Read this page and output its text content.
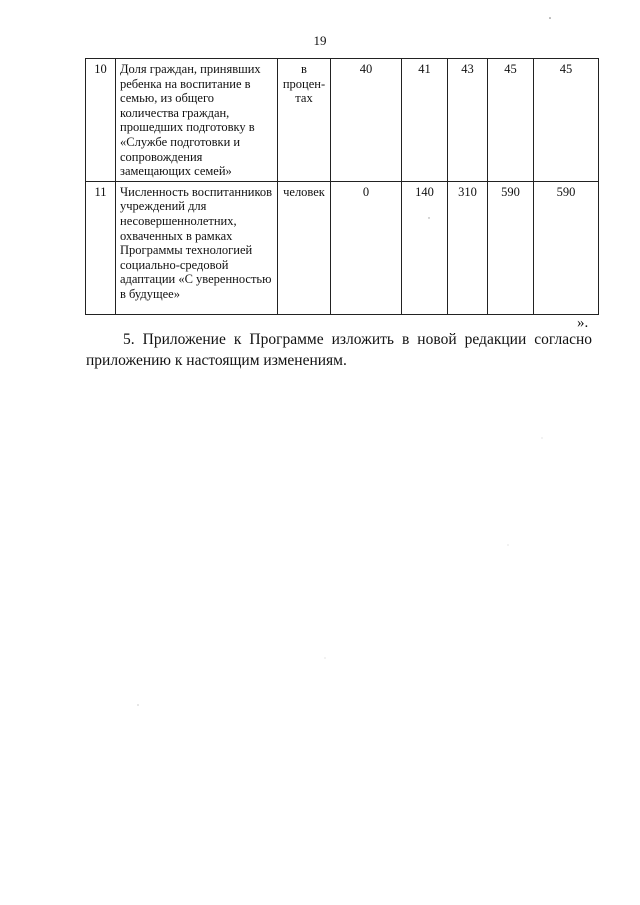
19
10	Доля граждан, принявших ребенка на воспитание в семью, из общего количества граждан, прошедших подготовку в «Службе подготовки и сопровождения замещающих семей»	в процен-тах	40	41	43	45	45
11	Численность воспитанников учреждений для несовершеннолетних, охваченных в рамках Программы технологией социально-средовой адаптации «С уверенностью в будущее»	человек	0	140	310	590	590
».
5. Приложение к Программе изложить в новой редакции согласно приложению к настоящим изменениям.
